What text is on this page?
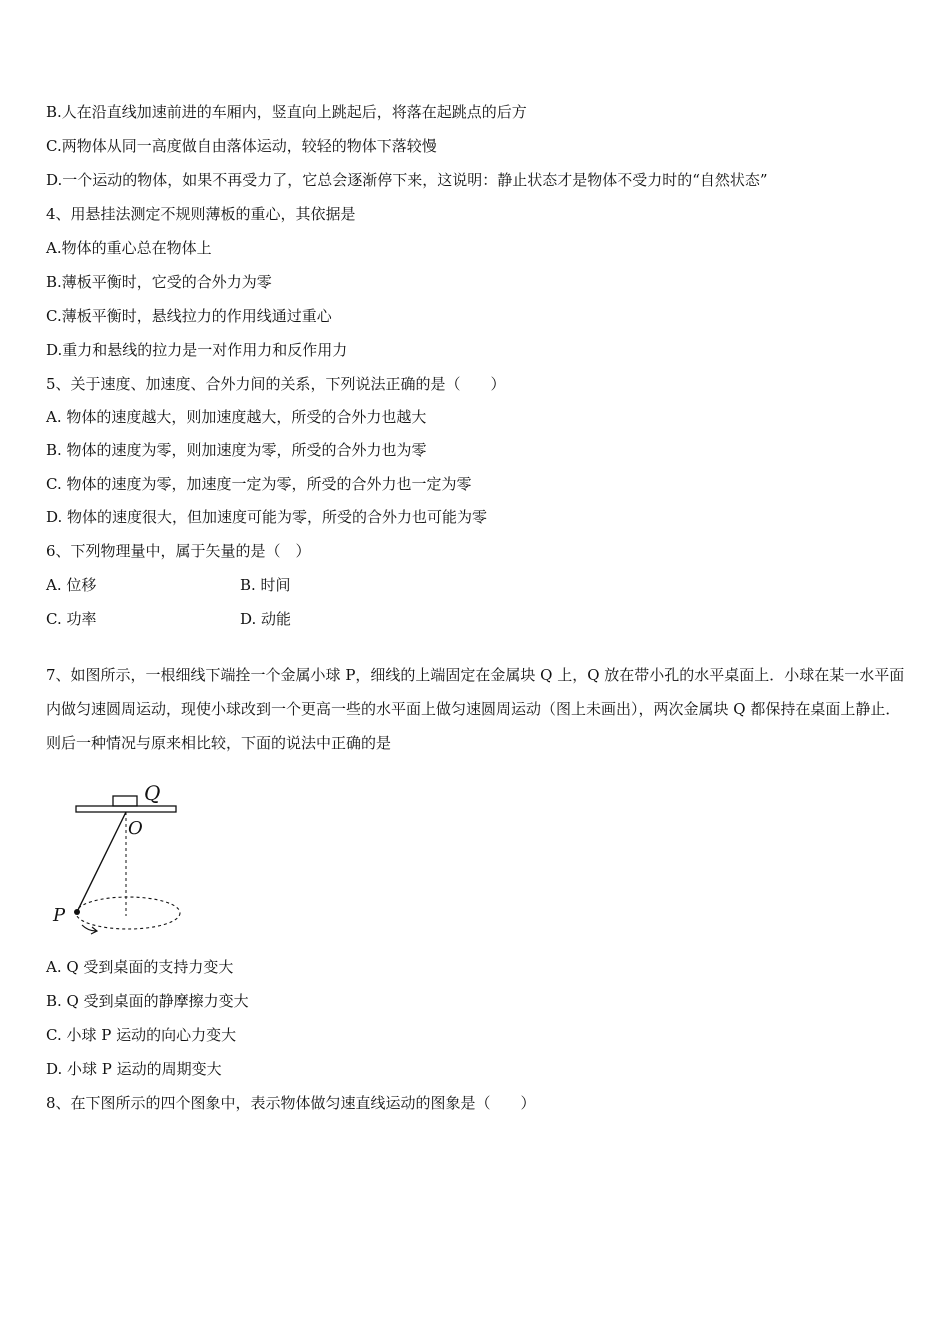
B.人在沿直线加速前进的车厢内，竖直向上跳起后，将落在起跳点的后方
C.两物体从同一高度做自由落体运动，较轻的物体下落较慢
D.一个运动的物体，如果不再受力了，它总会逐渐停下来，这说明：静止状态才是物体不受力时的“自然状态”
4、用悬挂法测定不规则薄板的重心，其依据是
A.物体的重心总在物体上
B.薄板平衡时，它受的合外力为零
C.薄板平衡时，悬线拉力的作用线通过重心
D.重力和悬线的拉力是一对作用力和反作用力
5、关于速度、加速度、合外力间的关系，下列说法正确的是（　　）
A. 物体的速度越大，则加速度越大，所受的合外力也越大
B. 物体的速度为零，则加速度为零，所受的合外力也为零
C. 物体的速度为零，加速度一定为零，所受的合外力也一定为零
D. 物体的速度很大，但加速度可能为零，所受的合外力也可能为零
6、下列物理量中，属于矢量的是（　）
A. 位移	B. 时间
C. 功率	D. 动能
7、如图所示，一根细线下端拴一个金属小球 P，细线的上端固定在金属块 Q 上，Q 放在带小孔的水平桌面上．小球在某一水平面内做匀速圆周运动，现使小球改到一个更高一些的水平面上做匀速圆周运动（图上未画出），两次金属块 Q 都保持在桌面上静止．则后一种情况与原来相比较，下面的说法中正确的是
Q
O
P
A. Q 受到桌面的支持力变大
B. Q 受到桌面的静摩擦力变大
C. 小球 P 运动的向心力变大
D. 小球 P 运动的周期变大
8、在下图所示的四个图象中，表示物体做匀速直线运动的图象是（　　）
